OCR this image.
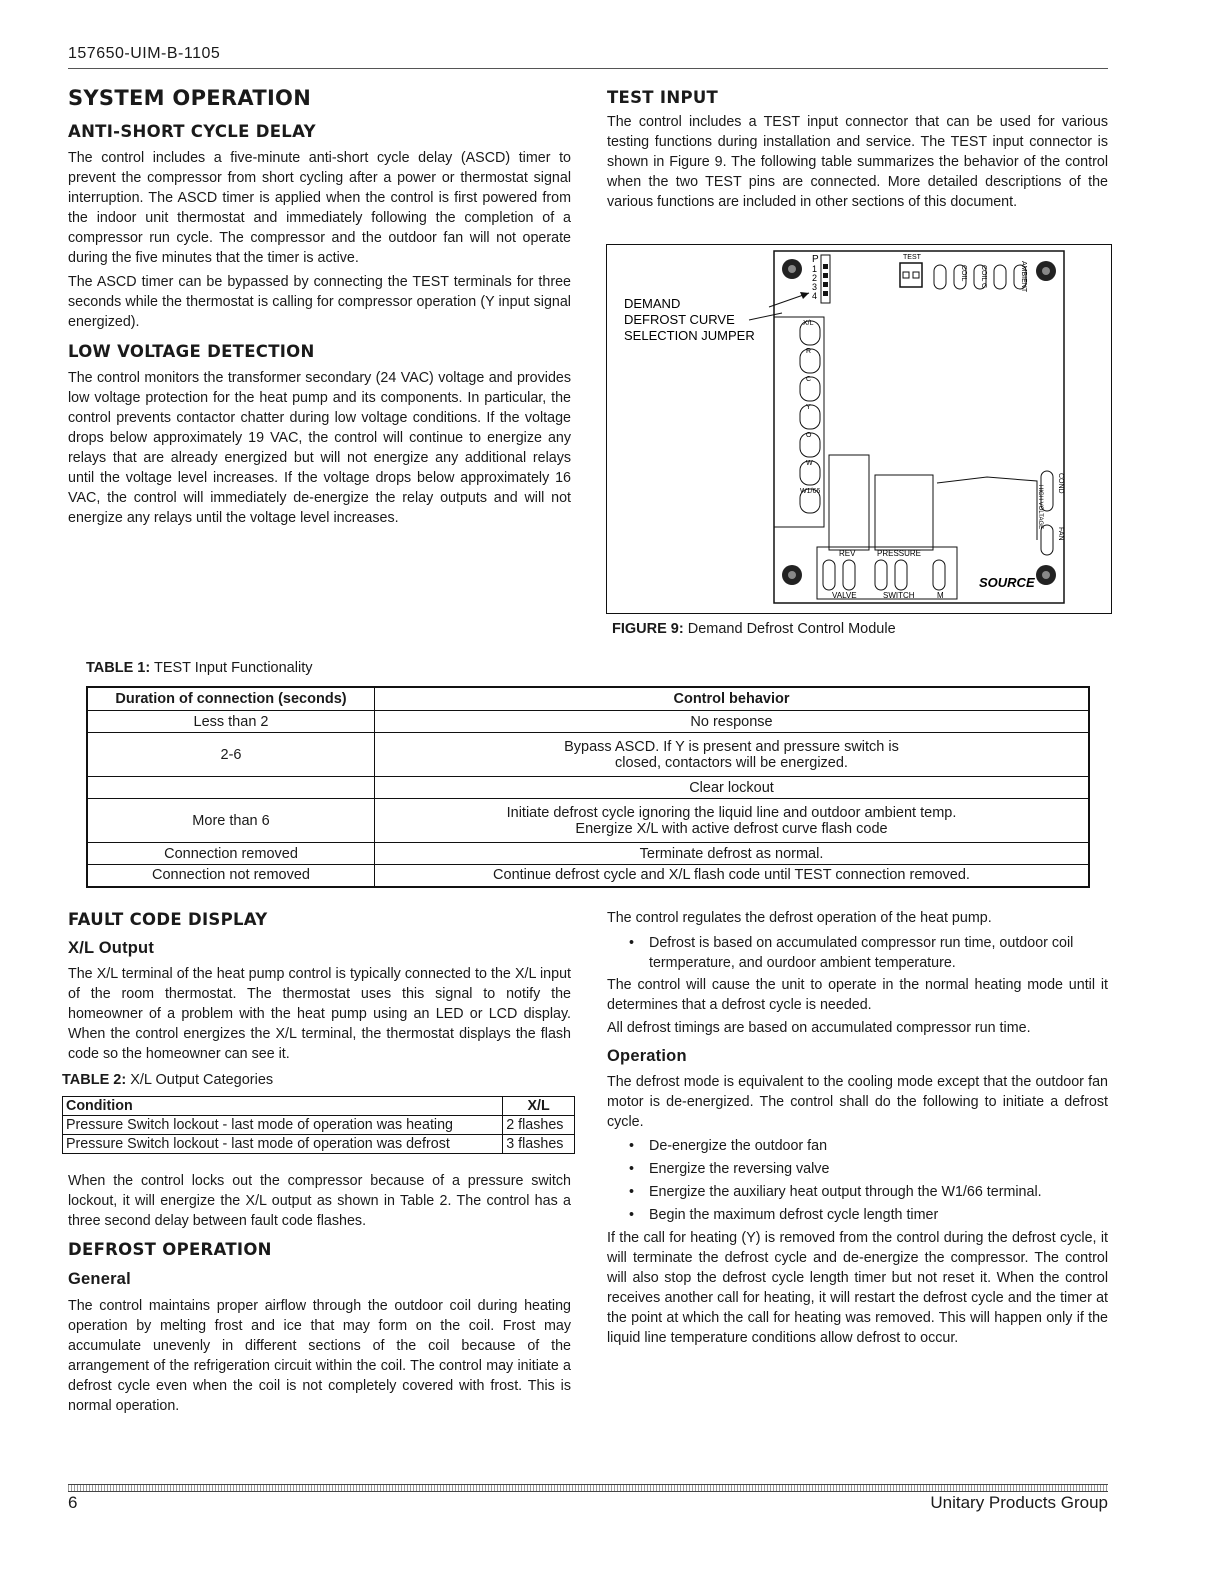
157650-UIM-B-1105
SYSTEM OPERATION
ANTI-SHORT CYCLE DELAY
The control includes a five-minute anti-short cycle delay (ASCD) timer to prevent the compressor from short cycling after a power or thermostat signal interruption. The ASCD timer is applied when the control is first powered from the indoor unit thermostat and immediately following the completion of a compressor run cycle. The compressor and the outdoor fan will not operate during the five minutes that the timer is active.
The ASCD timer can be bypassed by connecting the TEST terminals for three seconds while the thermostat is calling for compressor operation (Y input signal energized).
LOW VOLTAGE DETECTION
The control monitors the transformer secondary (24 VAC) voltage and provides low voltage protection for the heat pump and its components. In particular, the control prevents contactor chatter during low voltage conditions. If the voltage drops below approximately 19 VAC, the control will continue to energize any relays that are already energized but will not energize any additional relays until the voltage level increases. If the voltage drops below approximately 16 VAC, the control will immediately de-energize the relay outputs and will not energize any relays until the voltage level increases.
TEST INPUT
The control includes a TEST input connector that can be used for various testing functions during installation and service. The TEST input connector is shown in Figure 9. The following table summarizes the behavior of the control when the two TEST pins are connected. More detailed descriptions of the various functions are included in other sections of this document.
P
1
2
3
4
DEMAND
DEFROST CURVE
SELECTION JUMPER
TEST
COIL COIL C	AMBIENT
X/L
R
C
Y
O
W
W1/66	COND
HIGH VOLTAGE
FAN
REV	PRESSURE
VALVE	SWITCH	M
SOURCE
FIGURE 9: Demand Defrost Control Module
TABLE 1: TEST Input Functionality
Duration of connection (seconds)	Control behavior
Less than 2	No response
2-6	Bypass ASCD. If Y is present and pressure switch is
closed, contactors will be energized.

	Clear lockout
More than 6	Initiate defrost cycle ignoring the liquid line and outdoor ambient temp.
Energize X/L with active defrost curve flash code

Connection removed	Terminate defrost as normal.
Connection not removed	Continue defrost cycle and X/L flash code until TEST connection removed.
FAULT CODE DISPLAY
X/L Output
The X/L terminal of the heat pump control is typically connected to the X/L input of the room thermostat. The thermostat uses this signal to notify the homeowner of a problem with the heat pump using an LED or LCD display. When the control energizes the X/L terminal, the thermostat displays the flash code so the homeowner can see it.
TABLE 2: X/L Output Categories
Condition	X/L
Pressure Switch lockout - last mode of operation was heating	2 flashes
Pressure Switch lockout - last mode of operation was defrost	3 flashes
When the control locks out the compressor because of a pressure switch lockout, it will energize the X/L output as shown in Table 2. The control has a three second delay between fault code flashes.
DEFROST OPERATION
General
The control maintains proper airflow through the outdoor coil during heating operation by melting frost and ice that may form on the coil. Frost may accumulate unevenly in different sections of the coil because of the arrangement of the refrigeration circuit within the coil. The control may initiate a defrost cycle even when the coil is not completely covered with frost. This is normal operation.
The control regulates the defrost operation of the heat pump.
• Defrost is based on accumulated compressor run time, outdoor coil termperature, and ourdoor ambient temperature.
The control will cause the unit to operate in the normal heating mode until it determines that a defrost cycle is needed.
All defrost timings are based on accumulated compressor run time.
Operation
The defrost mode is equivalent to the cooling mode except that the outdoor fan motor is de-energized. The control shall do the following to initiate a defrost cycle.
• De-energize the outdoor fan
• Energize the reversing valve
• Energize the auxiliary heat output through the W1/66 terminal.
• Begin the maximum defrost cycle length timer
If the call for heating (Y) is removed from the control during the defrost cycle, it will terminate the defrost cycle and de-energize the compressor. The control will also stop the defrost cycle length timer but not reset it. When the control receives another call for heating, it will restart the defrost cycle and the timer at the point at which the call for heating was removed. This will happen only if the liquid line temperature conditions allow defrost to occur.
6	Unitary Products Group
